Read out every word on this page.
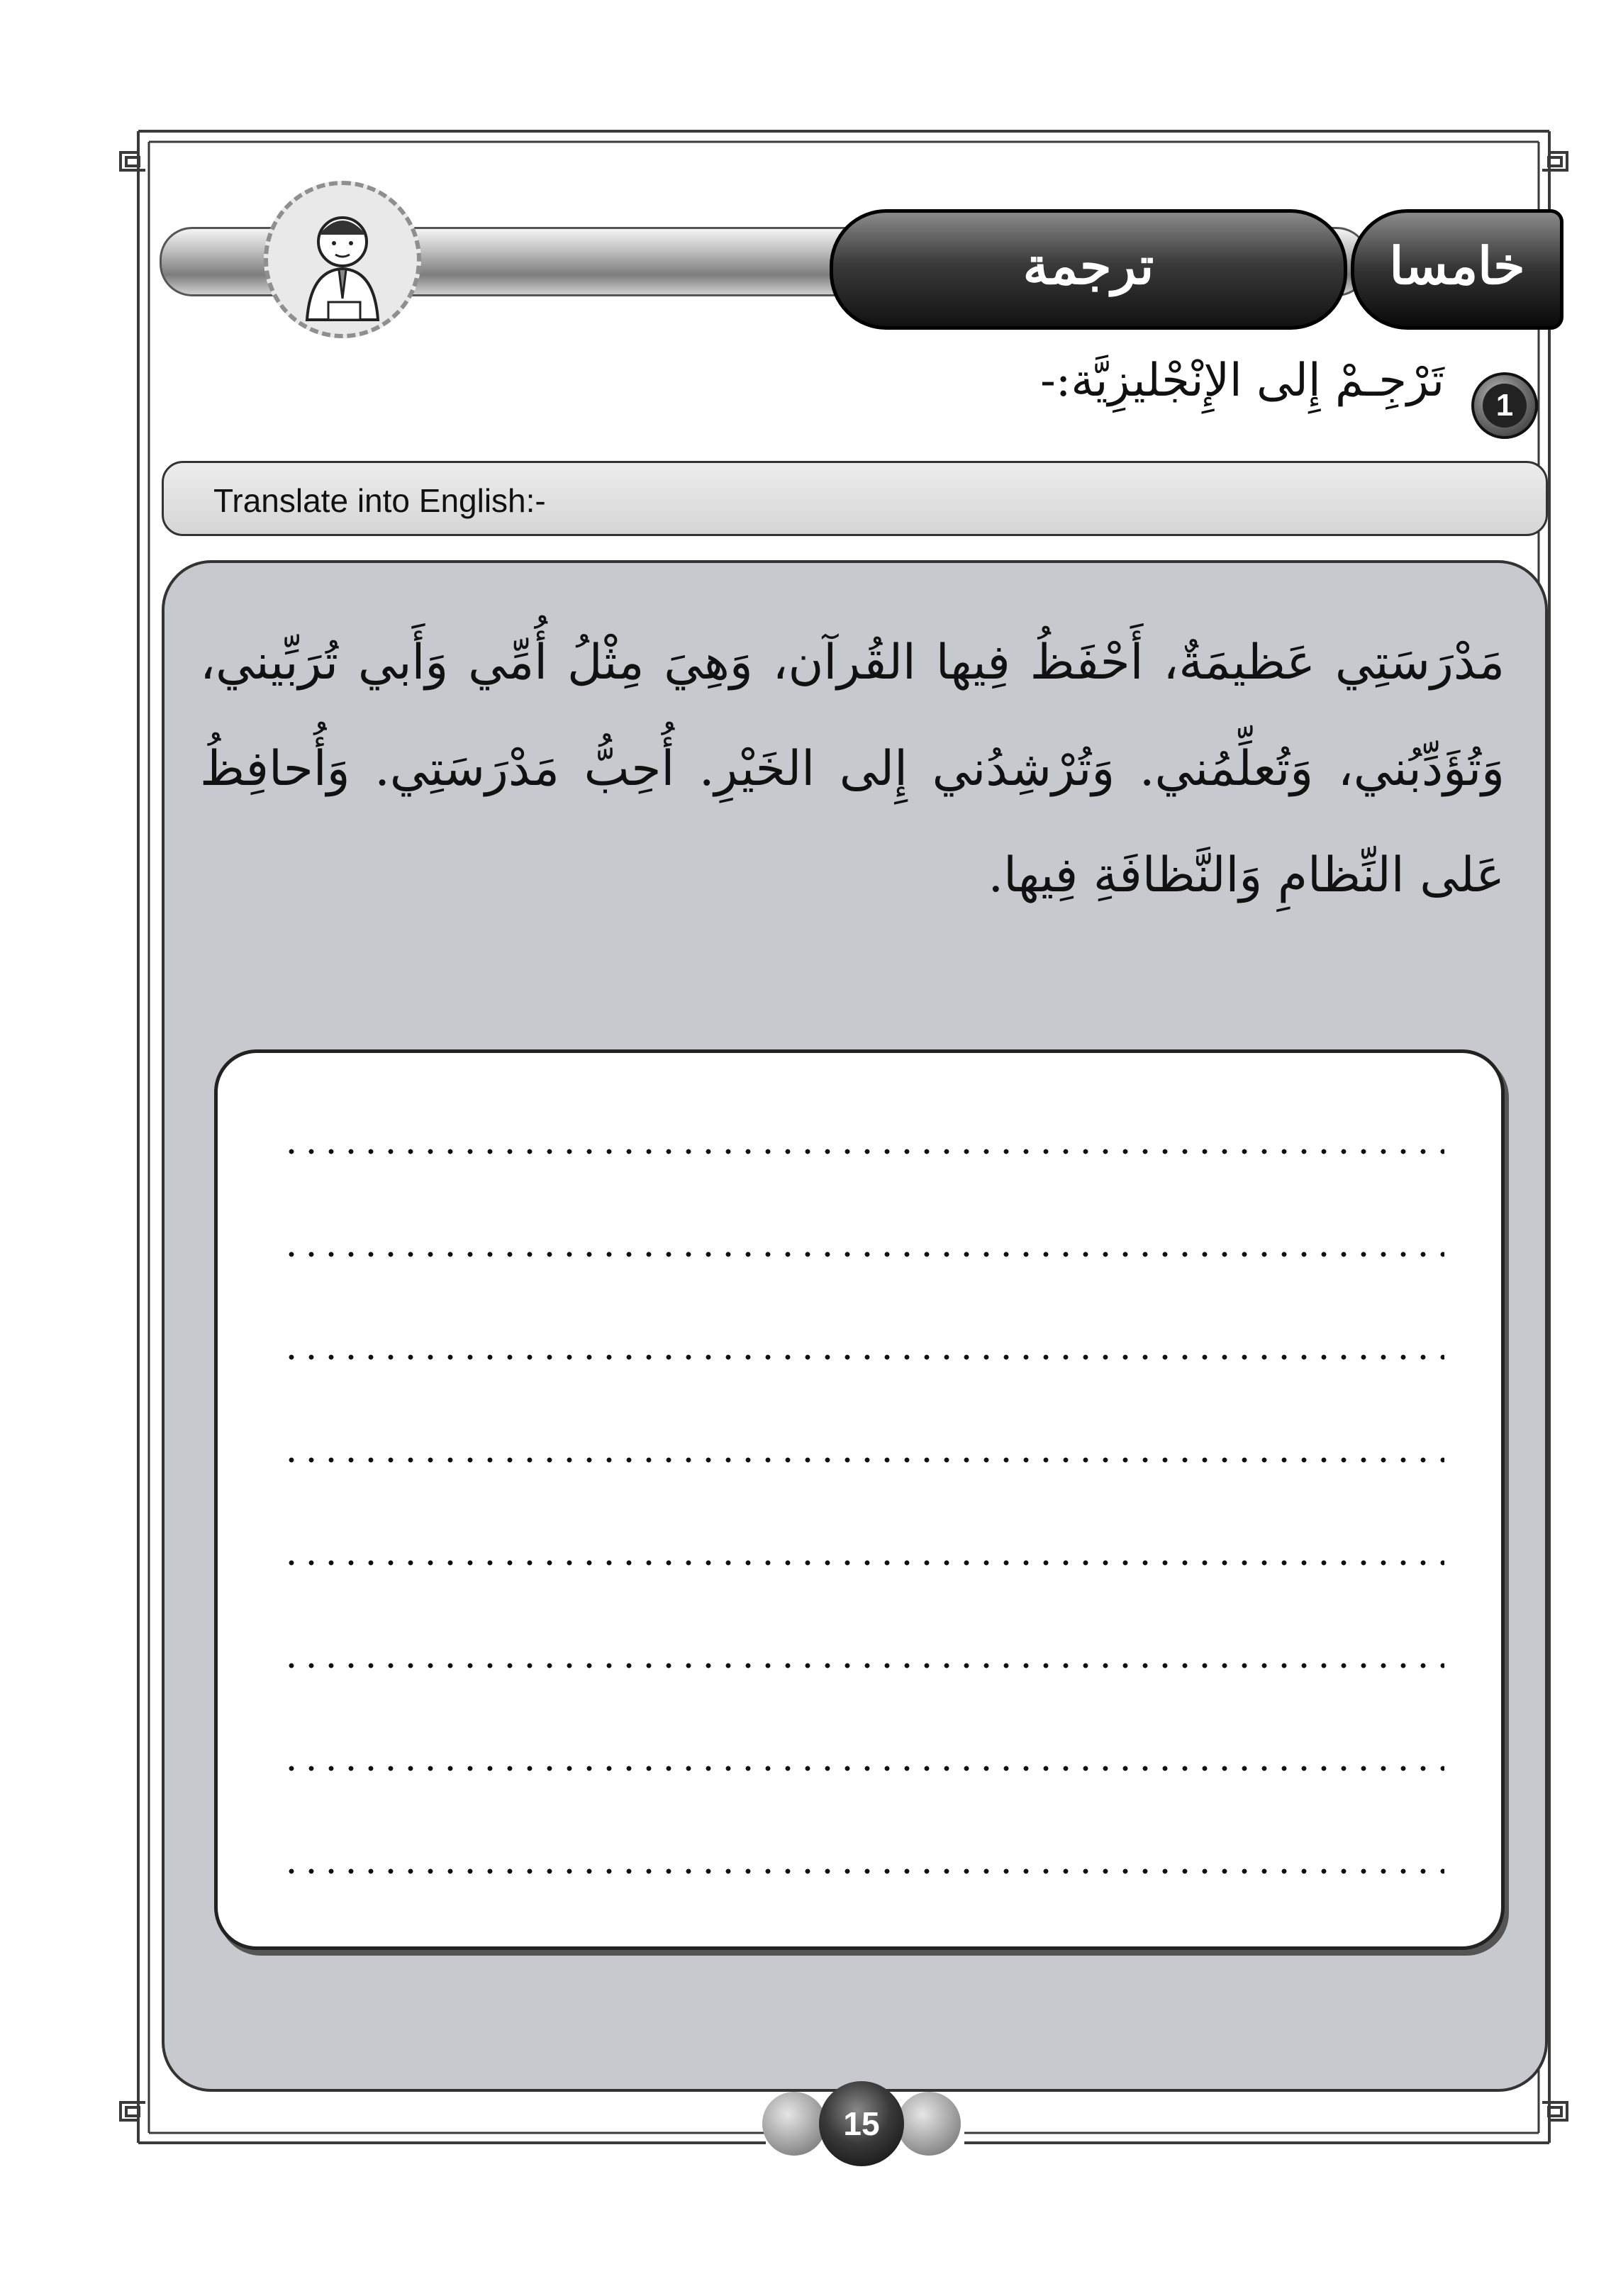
ترجمة	خامسا
1
تَرْجِـمْ إِلى الإِنْجْليزِيَّة:-
Translate into English:-
مَدْرَسَتِي عَظيمَةٌ، أَحْفَظُ فِيها القُرآن، وَهِيَ مِثْلُ أُمِّي وَأَبي تُرَبِّيني، وَتُؤَدِّبُني، وَتُعلِّمُني. وَتُرْشِدُني إِلى الخَيْرِ. أُحِبُّ مَدْرَسَتِي. وَأُحافِظُ عَلى النِّظامِ وَالنَّظافَةِ فِيها.
15
